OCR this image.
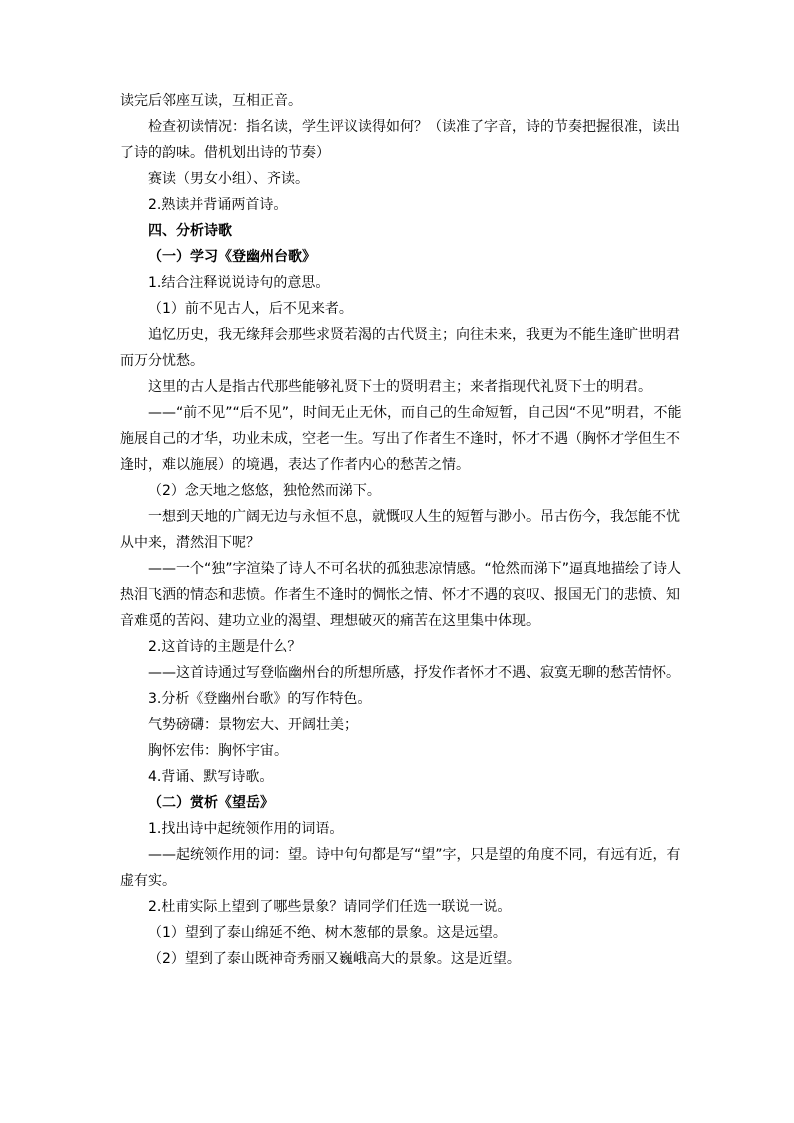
读完后邻座互读，互相正音。

检查初读情况：指名读，学生评议读得如何？（读准了字音，诗的节奏把握很准，读出了诗的韵味。借机划出诗的节奏）

赛读（男女小组）、齐读。

2.熟读并背诵两首诗。

四、分析诗歌

（一）学习《登幽州台歌》

1.结合注释说说诗句的意思。

（1）前不见古人，后不见来者。

追忆历史，我无缘拜会那些求贤若渴的古代贤主；向往未来，我更为不能生逢旷世明君而万分忧愁。

这里的古人是指古代那些能够礼贤下士的贤明君主；来者指现代礼贤下士的明君。

——“前不见”“后不见”，时间无止无休，而自己的生命短暂，自己因“不见”明君，不能施展自己的才华，功业未成，空老一生。写出了作者生不逢时，怀才不遇（胸怀才学但生不逢时，难以施展）的境遇，表达了作者内心的愁苦之情。

（2）念天地之悠悠，独怆然而涕下。

一想到天地的广阔无边与永恒不息，就慨叹人生的短暂与渺小。吊古伤今，我怎能不忧从中来，潸然泪下呢？

——一个“独”字渲染了诗人不可名状的孤独悲凉情感。“怆然而涕下”逼真地描绘了诗人热泪飞洒的情态和悲愤。作者生不逢时的惆怅之情、怀才不遇的哀叹、报国无门的悲愤、知音难觅的苦闷、建功立业的渴望、理想破灭的痛苦在这里集中体现。

2.这首诗的主题是什么？

——这首诗通过写登临幽州台的所想所感，抒发作者怀才不遇、寂寞无聊的愁苦情怀。

3.分析《登幽州台歌》的写作特色。

气势磅礴：景物宏大、开阔壮美；

胸怀宏伟：胸怀宇宙。

4.背诵、默写诗歌。

（二）赏析《望岳》

1.找出诗中起统领作用的词语。

——起统领作用的词：望。诗中句句都是写“望”字，只是望的角度不同，有远有近，有虚有实。

2.杜甫实际上望到了哪些景象？请同学们任选一联说一说。

（1）望到了泰山绵延不绝、树木葱郁的景象。这是远望。

（2）望到了泰山既神奇秀丽又巍峨高大的景象。这是近望。
